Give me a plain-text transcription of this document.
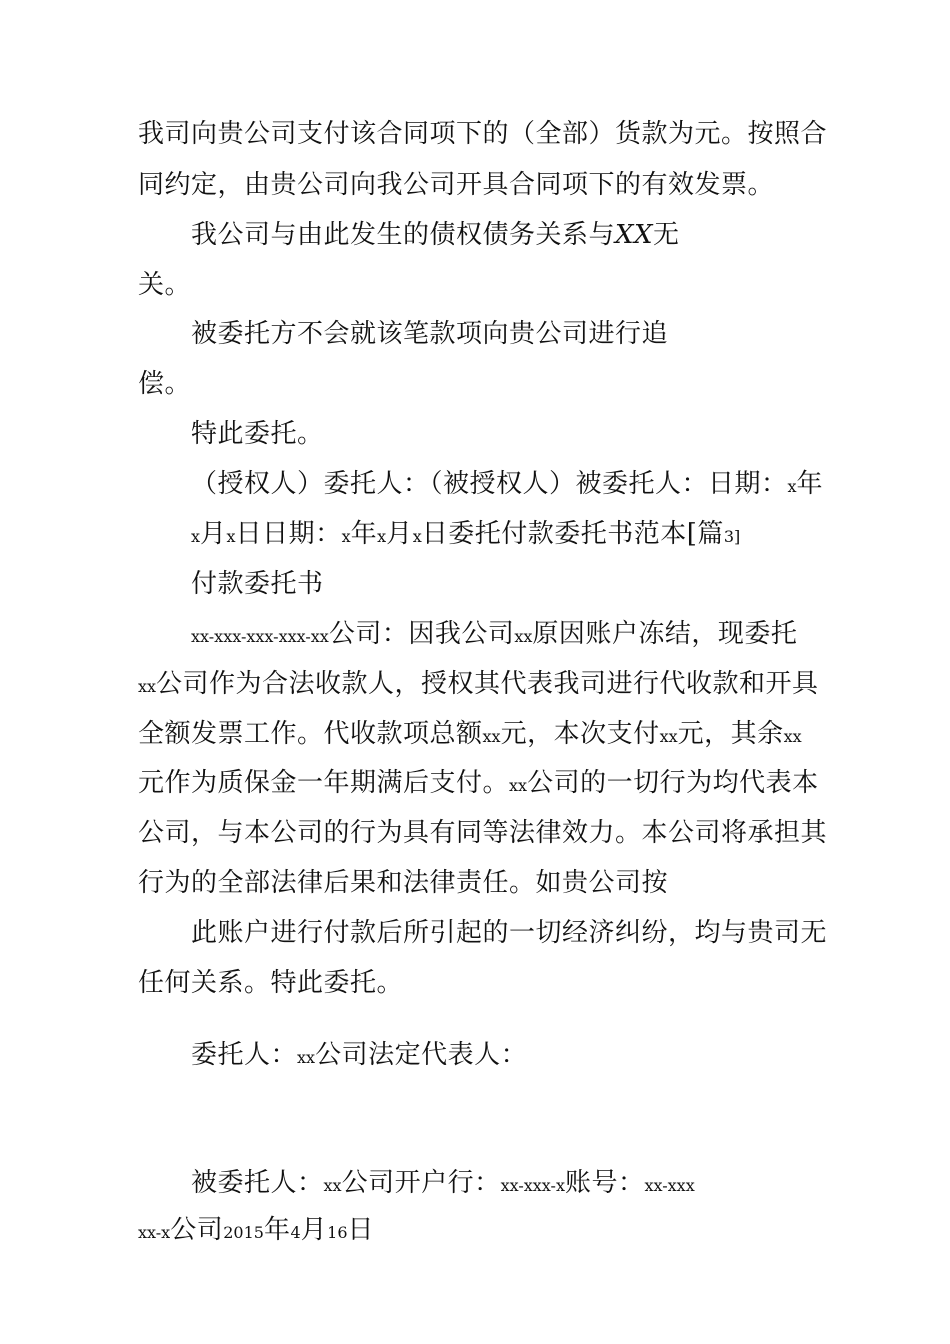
我司向贵公司支付该合同项下的（全部）货款为元。按照合
同约定，由贵公司向我公司开具合同项下的有效发票。
我公司与由此发生的债权债务关系与XX无
关。
被委托方不会就该笔款项向贵公司进行追
偿。
特此委托。
（授权人）委托人：（被授权人）被委托人：日期：x年
x月x日日期：x年x月x日委托付款委托书范本[篇3]
付款委托书
xx-xxx-xxx-xxx-xx公司：因我公司xx原因账户冻结，现委托
xx公司作为合法收款人，授权其代表我司进行代收款和开具
全额发票工作。代收款项总额xx元，本次支付xx元，其余xx
元作为质保金一年期满后支付。xx公司的一切行为均代表本
公司，与本公司的行为具有同等法律效力。本公司将承担其
行为的全部法律后果和法律责任。如贵公司按
此账户进行付款后所引起的一切经济纠纷，均与贵司无
任何关系。特此委托。
委托人：xx公司法定代表人：
被委托人：xx公司开户行：xx-xxx-x账号：xx-xxx
xx-x公司2015年4月16日
